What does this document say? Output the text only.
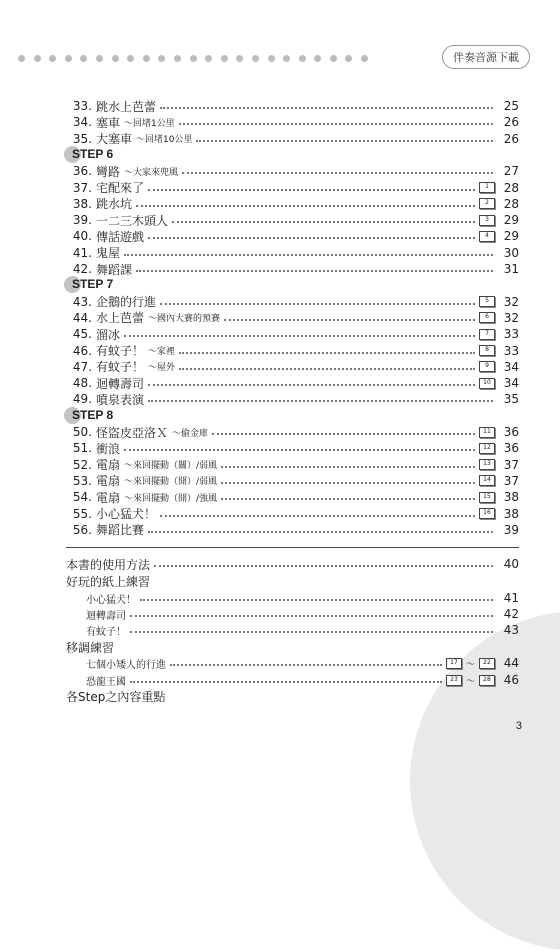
伴奏音源下載
33. 跳水上芭蕾	25
34. 塞車 ～回堵1公里	26
35. 大塞車 ～回堵10公里	26
STEP 6
36. 彎路 ～大家來兜風	27
37. 宅配來了	1	28
38. 跳水坑	2	28
39. 一二三木頭人	3	29
40. 傳話遊戲	4	29
41. 鬼屋	30
42. 舞蹈課	31
STEP 7
43. 企鵝的行進	5	32
44. 水上芭蕾 ～國內大賽的預賽	6	32
45. 溜冰	7	33
46. 有蚊子！ ～家裡	8	33
47. 有蚊子！ ～屋外	9	34
48. 迴轉壽司	10	34
49. 噴泉表演	35
STEP 8
50. 怪盜皮亞洛Ｘ ～偷金庫	11	36
51. 衝浪	12	36
52. 電扇 ～來回擺動（關）/弱風	13	37
53. 電扇 ～來回擺動（開）/弱風	14	37
54. 電扇 ～來回擺動（開）/強風	15	38
55. 小心猛犬！	16	38
56. 舞蹈比賽	39
本書的使用方法	40
好玩的紙上練習
小心猛犬！	41
迴轉壽司	42
有蚊子！	43
移調練習
七個小矮人的行進	17 ～	22	44
恐龍王國	23 ～	28	46
各Step之內容重點
3
